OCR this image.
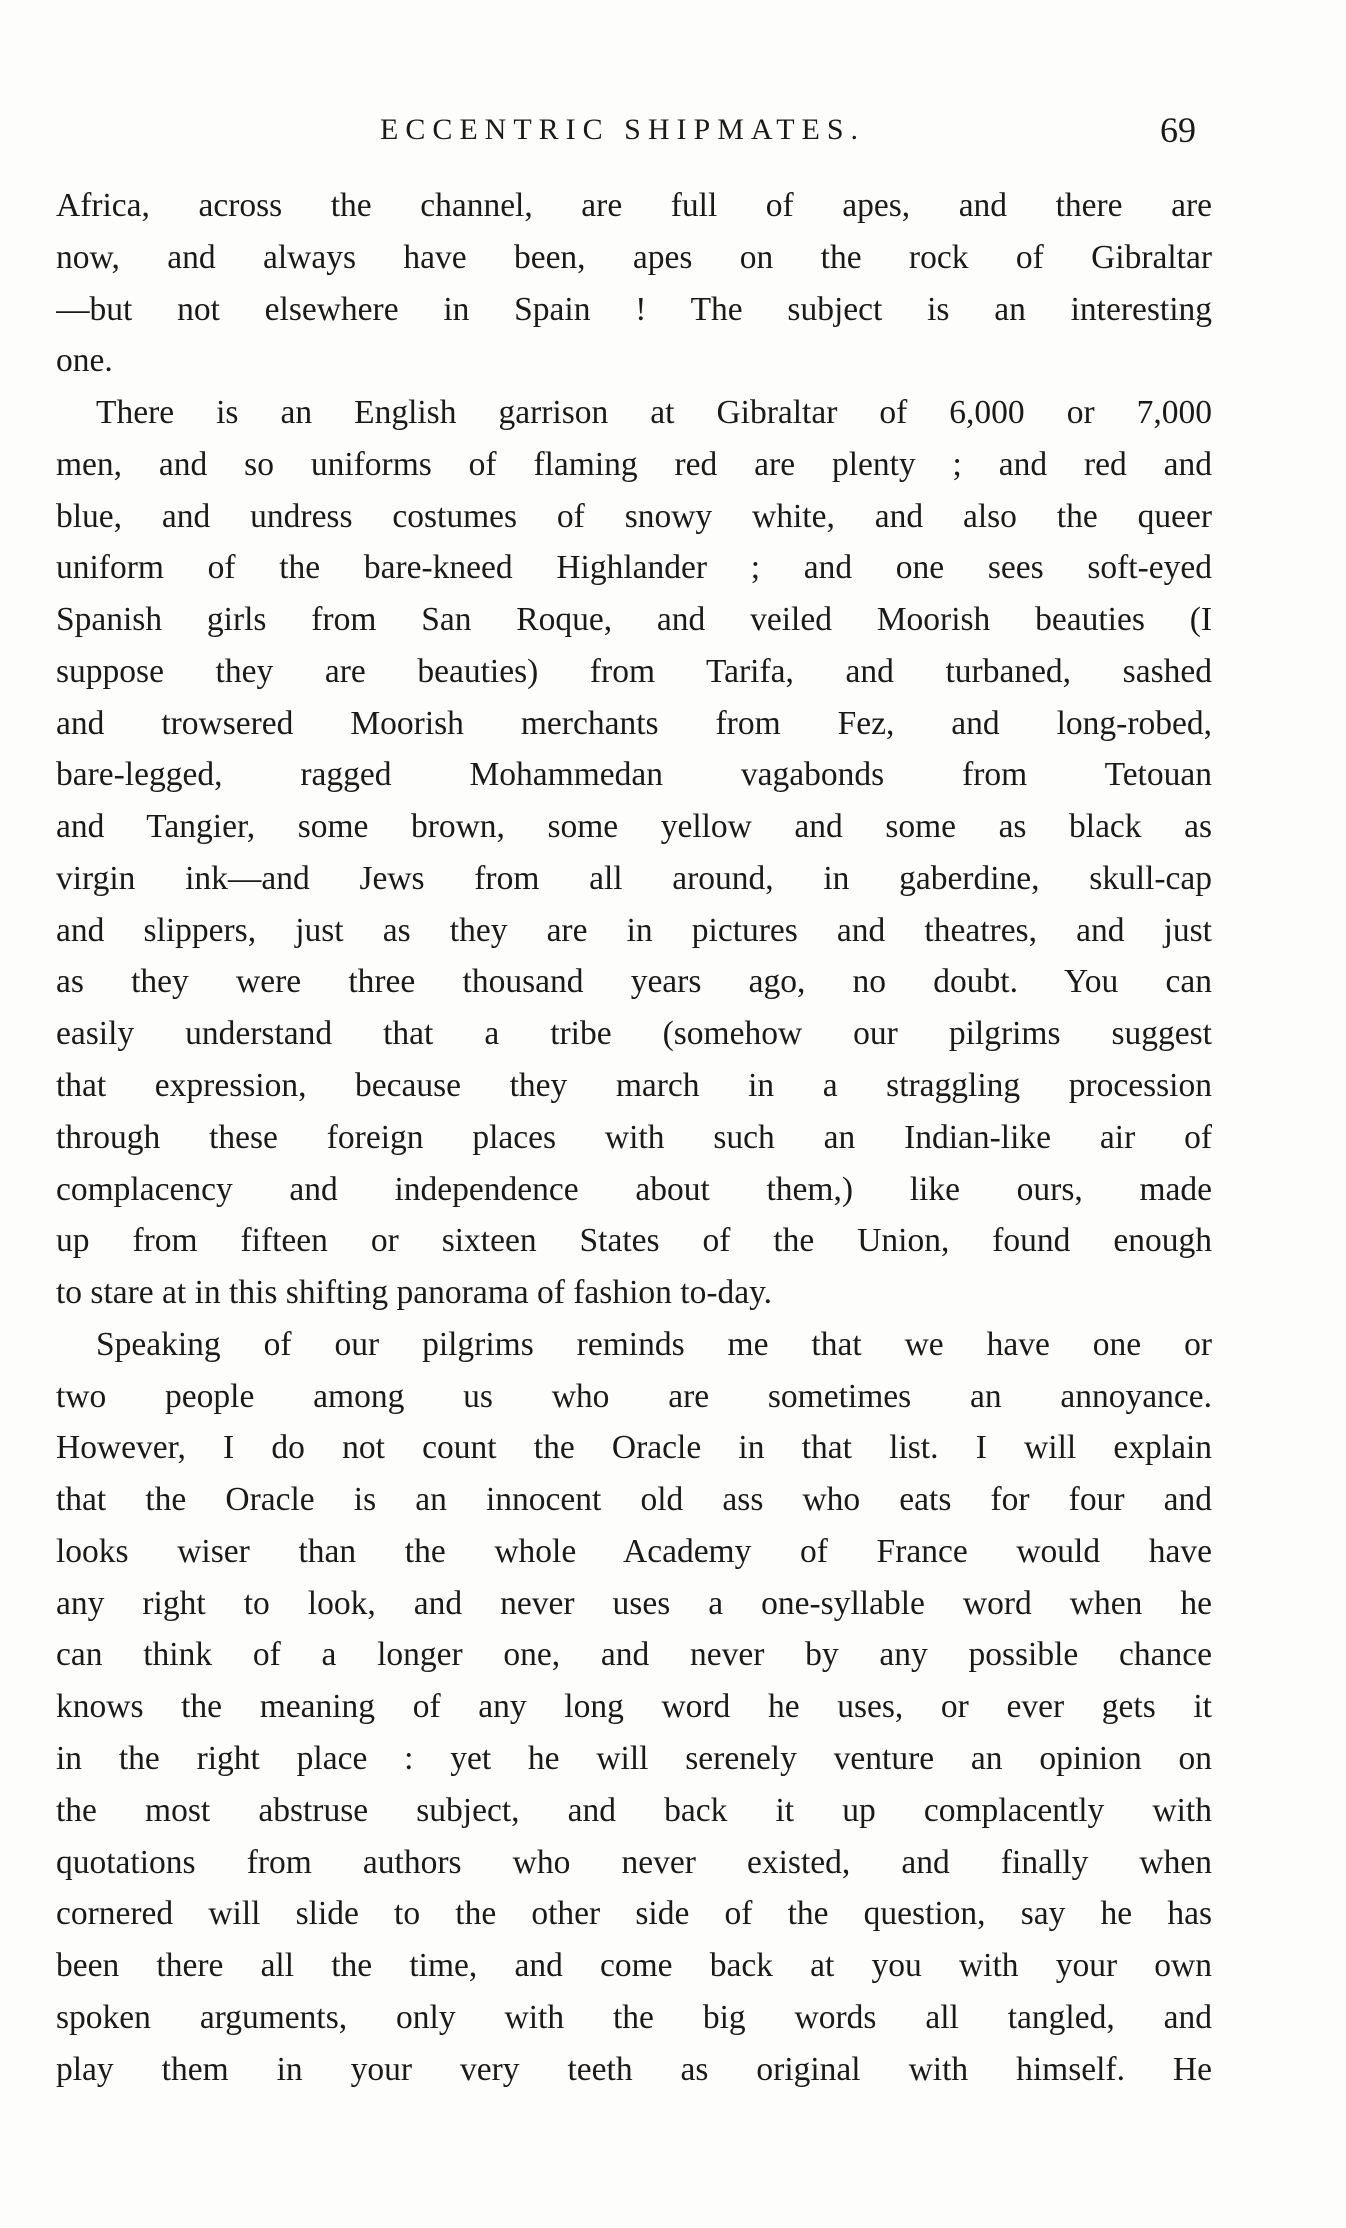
ECCENTRIC SHIPMATES.	69
Africa, across the channel, are full of apes, and there are
now, and always have been, apes on the rock of Gibraltar
—but not elsewhere in Spain ! The subject is an interesting
one.
There is an English garrison at Gibraltar of 6,000 or 7,000
men, and so uniforms of flaming red are plenty ; and red and
blue, and undress costumes of snowy white, and also the queer
uniform of the bare-kneed Highlander ; and one sees soft-eyed
Spanish girls from San Roque, and veiled Moorish beauties (I
suppose they are beauties) from Tarifa, and turbaned, sashed
and trowsered Moorish merchants from Fez, and long-robed,
bare-legged, ragged Mohammedan vagabonds from Tetouan
and Tangier, some brown, some yellow and some as black as
virgin ink—and Jews from all around, in gaberdine, skull-cap
and slippers, just as they are in pictures and theatres, and just
as they were three thousand years ago, no doubt. You can
easily understand that a tribe (somehow our pilgrims suggest
that expression, because they march in a straggling procession
through these foreign places with such an Indian-like air of
complacency and independence about them,) like ours, made
up from fifteen or sixteen States of the Union, found enough
to stare at in this shifting panorama of fashion to-day.
Speaking of our pilgrims reminds me that we have one or
two people among us who are sometimes an annoyance.
However, I do not count the Oracle in that list. I will explain
that the Oracle is an innocent old ass who eats for four and
looks wiser than the whole Academy of France would have
any right to look, and never uses a one-syllable word when he
can think of a longer one, and never by any possible chance
knows the meaning of any long word he uses, or ever gets it
in the right place : yet he will serenely venture an opinion on
the most abstruse subject, and back it up complacently with
quotations from authors who never existed, and finally when
cornered will slide to the other side of the question, say he has
been there all the time, and come back at you with your own
spoken arguments, only with the big words all tangled, and
play them in your very teeth as original with himself. He
